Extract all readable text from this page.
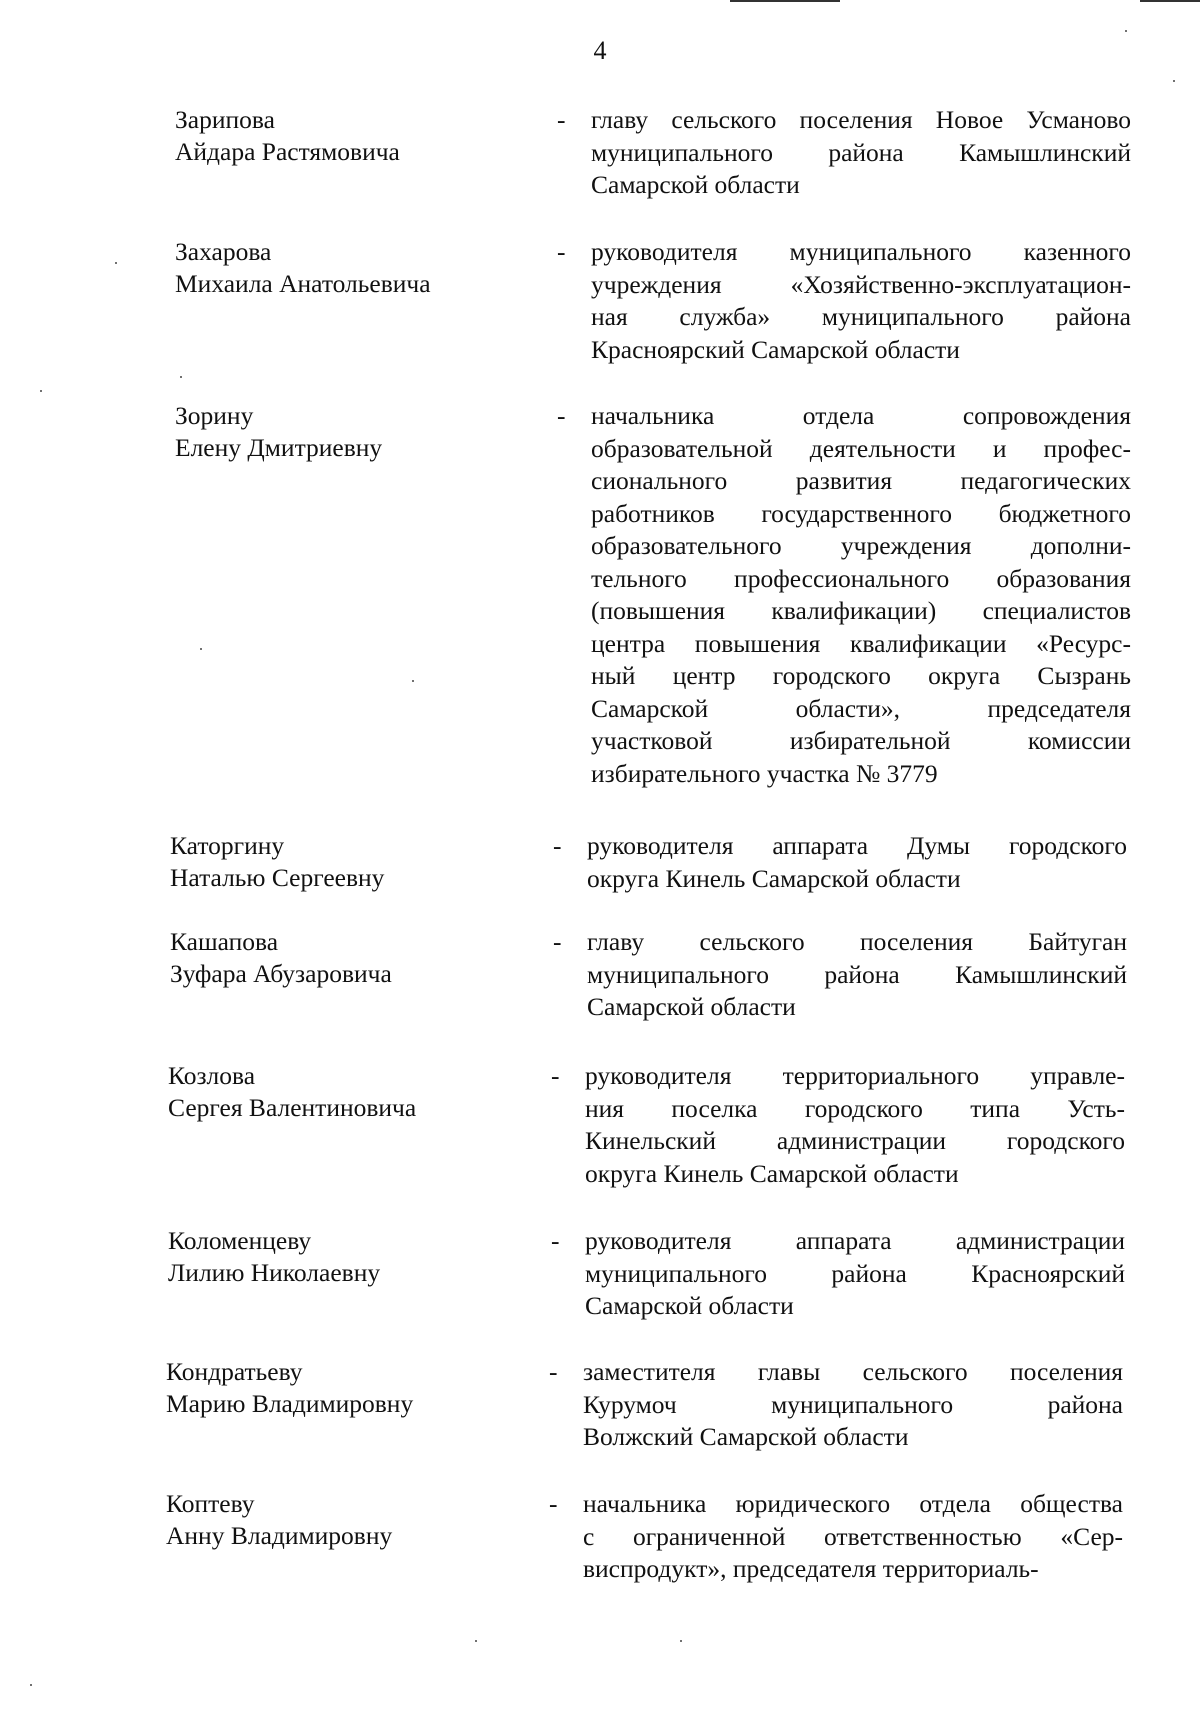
4
Зарипова
Айдара Растямовича
- главу сельского поселения Новое Усманово
муниципального района Камышлинский
Самарской области
Захарова
Михаила Анатольевича
- руководителя муниципального казенного
учреждения «Хозяйственно-эксплуатацион-
ная служба» муниципального района
Красноярский Самарской области
Зорину
Елену Дмитриевну
- начальника отдела сопровождения
образовательной деятельности и профес-
сионального развития педагогических
работников государственного бюджетного
образовательного учреждения дополни-
тельного профессионального образования
(повышения квалификации) специалистов
центра повышения квалификации «Ресурс-
ный центр городского округа Сызрань
Самарской области», председателя
участковой избирательной комиссии
избирательного участка № 3779
Каторгину
Наталью Сергеевну
- руководителя аппарата Думы городского
округа Кинель Самарской области
Кашапова
Зуфара Абузаровича
- главу сельского поселения Байтуган
муниципального района Камышлинский
Самарской области
Козлова
Сергея Валентиновича
- руководителя территориального управле-
ния поселка городского типа Усть-
Кинельский администрации городского
округа Кинель Самарской области
Коломенцеву
Лилию Николаевну
- руководителя аппарата администрации
муниципального района Красноярский
Самарской области
Кондратьеву
Марию Владимировну
- заместителя главы сельского поселения
Курумоч муниципального района
Волжский Самарской области
Коптеву
Анну Владимировну
- начальника юридического отдела общества
с ограниченной ответственностью «Сер-
виспродукт», председателя территориаль-
